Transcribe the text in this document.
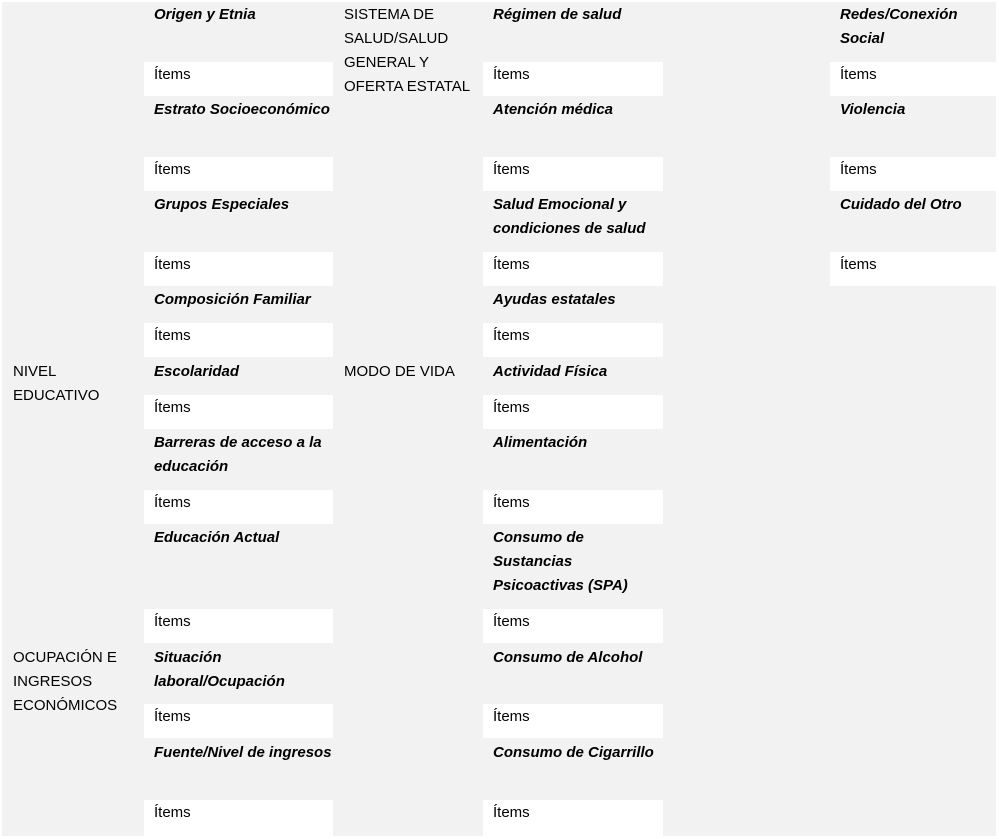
NIVEL EDUCATIVO
OCUPACIÓN E INGRESOS ECONÓMICOS
SISTEMA DE SALUD/SALUD GENERAL Y OFERTA ESTATAL
MODO DE VIDA
Origen y Etnia
Estrato Socioeconómico
Grupos Especiales
Composición Familiar
Escolaridad
Barreras de acceso a la educación
Educación Actual
Situación laboral/Ocupación
Fuente/Nivel de ingresos
Ítems
Ítems
Ítems
Ítems
Ítems
Ítems
Ítems
Ítems
Ítems
Régimen de salud
Atención médica
Salud Emocional y condiciones de salud
Ayudas estatales
Actividad Física
Alimentación
Consumo de Sustancias Psicoactivas (SPA)
Consumo de Alcohol
Consumo de Cigarrillo
Ítems
Ítems
Ítems
Ítems
Ítems
Ítems
Ítems
Ítems
Ítems
Redes/Conexión Social
Violencia
Cuidado del Otro
Ítems
Ítems
Ítems
